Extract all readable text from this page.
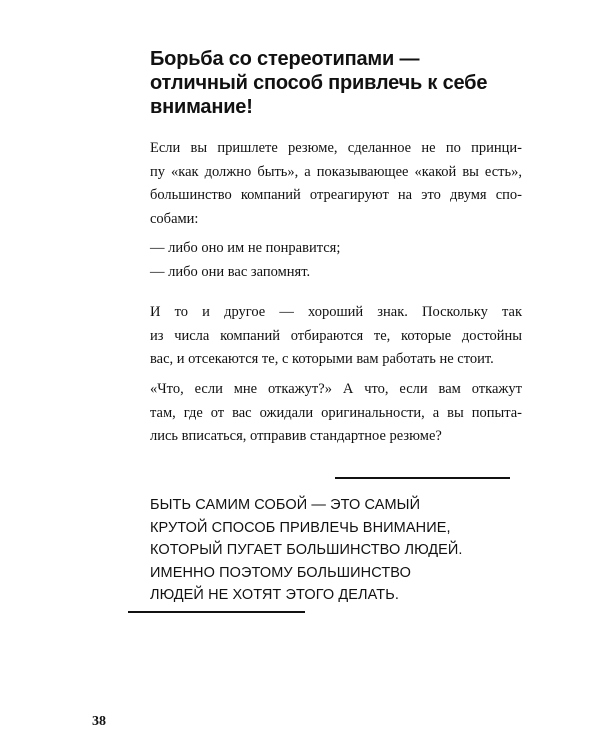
Борьба со стереотипами —
отличный способ привлечь к себе
внимание!

Если вы пришлете резюме, сделанное не по принци-
пу «как должно быть», а показывающее «какой вы есть»,
большинство компаний отреагируют на это двумя спо-
собами:

— либо оно им не понравится;
— либо они вас запомнят.

И то и другое — хороший знак. Поскольку так
из числа компаний отбираются те, которые достойны
вас, и отсекаются те, с которыми вам работать не стоит.

«Что, если мне откажут?» А что, если вам откажут
там, где от вас ожидали оригинальности, а вы попыта-
лись вписаться, отправив стандартное резюме?

БЫТЬ САМИМ СОБОЙ — ЭТО САМЫЙ
КРУТОЙ СПОСОБ ПРИВЛЕЧЬ ВНИМАНИЕ,
КОТОРЫЙ ПУГАЕТ БОЛЬШИНСТВО ЛЮДЕЙ.
ИМЕННО ПОЭТОМУ БОЛЬШИНСТВО
ЛЮДЕЙ НЕ ХОТЯТ ЭТОГО ДЕЛАТЬ.

38
